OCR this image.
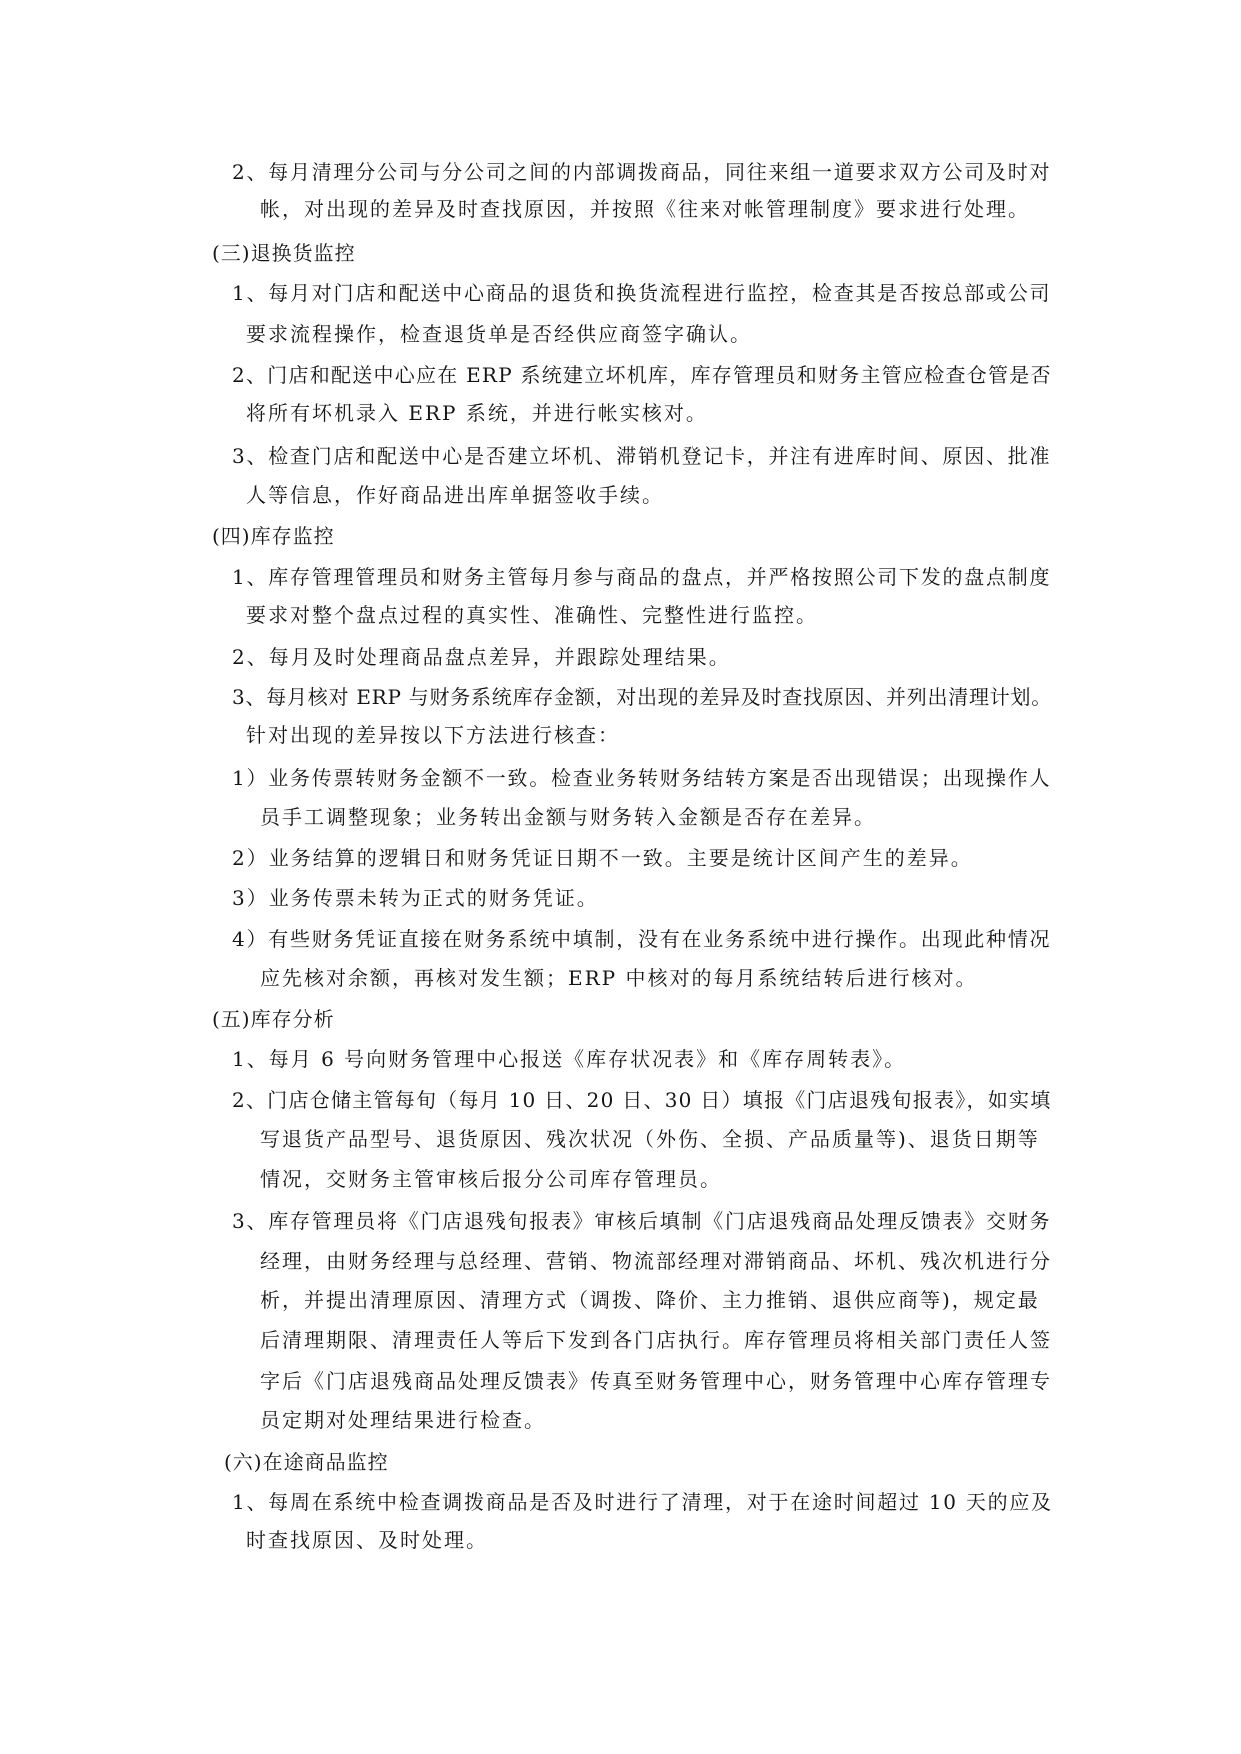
2、每月清理分公司与分公司之间的内部调拨商品，同往来组一道要求双方公司及时对
帐，对出现的差异及时查找原因，并按照《往来对帐管理制度》要求进行处理。
(三)退换货监控
1、每月对门店和配送中心商品的退货和换货流程进行监控，检查其是否按总部或公司
要求流程操作，检查退货单是否经供应商签字确认。
2、门店和配送中心应在 ERP 系统建立坏机库，库存管理员和财务主管应检查仓管是否
将所有坏机录入 ERP 系统，并进行帐实核对。
3、检查门店和配送中心是否建立坏机、滞销机登记卡，并注有进库时间、原因、批准
人等信息，作好商品进出库单据签收手续。
(四)库存监控
1、库存管理管理员和财务主管每月参与商品的盘点，并严格按照公司下发的盘点制度
要求对整个盘点过程的真实性、准确性、完整性进行监控。
2、每月及时处理商品盘点差异，并跟踪处理结果。
3、每月核对 ERP 与财务系统库存金额，对出现的差异及时查找原因、并列出清理计划。
针对出现的差异按以下方法进行核查：
1）业务传票转财务金额不一致。检查业务转财务结转方案是否出现错误；出现操作人
员手工调整现象；业务转出金额与财务转入金额是否存在差异。
2）业务结算的逻辑日和财务凭证日期不一致。主要是统计区间产生的差异。
3）业务传票未转为正式的财务凭证。
4）有些财务凭证直接在财务系统中填制，没有在业务系统中进行操作。出现此种情况
应先核对余额，再核对发生额；ERP 中核对的每月系统结转后进行核对。
(五)库存分析
1、每月 6 号向财务管理中心报送《库存状况表》和《库存周转表》。
2、门店仓储主管每旬（每月 10 日、20 日、30 日）填报《门店退残旬报表》，如实填
写退货产品型号、退货原因、残次状况（外伤、全损、产品质量等)、退货日期等
情况，交财务主管审核后报分公司库存管理员。
3、库存管理员将《门店退残旬报表》审核后填制《门店退残商品处理反馈表》交财务
经理，由财务经理与总经理、营销、物流部经理对滞销商品、坏机、残次机进行分
析，并提出清理原因、清理方式（调拨、降价、主力推销、退供应商等)，规定最
后清理期限、清理责任人等后下发到各门店执行。库存管理员将相关部门责任人签
字后《门店退残商品处理反馈表》传真至财务管理中心，财务管理中心库存管理专
员定期对处理结果进行检查。
(六)在途商品监控
1、每周在系统中检查调拨商品是否及时进行了清理，对于在途时间超过 10 天的应及
时查找原因、及时处理。
